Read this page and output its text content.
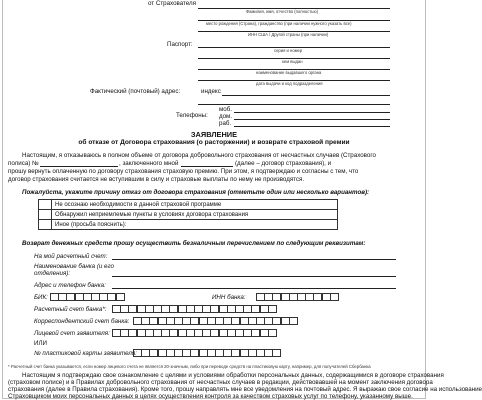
от Страхователя
Фамилия, имя, отчество (полностью)
место рождения (Страна), гражданство (при наличии нужного указать все)
ИНН США / Другой страны (при наличии)
Паспорт:
серия и номер
кем выдан
наименование выдавшего органа
дата выдачи и код подразделения
Фактический (почтовый) адрес:	индекс
Телефоны:
моб.
дом.
раб.
ЗАЯВЛЕНИЕ
об отказе от Договора страхования (о расторжении) и возврате страховой премии
Настоящим, я отказываюсь в полном объеме от договора добровольного страхования от несчастных случаев (Страхового
полиса) №	, заключенного мной	(далее – договор страхования), и
прошу вернуть оплаченную по договору страхования страховую премию. При этом, я подтверждаю и согласны с тем, что
договор страхования считается не вступившим в силу и страховые выплаты по нему не производятся.
Пожалуйста, укажите причину отказ от договора страхования (отметьте один или несколько вариантов):
	Не осознаю необходимости в данной страховой программе
	Обнаружил неприемлемые пункты в условиях договора страхования
	Иное (просьба пояснить):
Возврат денежных средств прошу осуществить безналичным перечислением по следующим реквизитам:
На мой расчетный счет:
Наименование банка (и его отделения):
Адрес и телефон банка:
БИК:	ИНН банка:
Расчетный счет банка*:
Корреспондентский счет банка:
Лицевой счет заявителя:
ИЛИ
№ пластиковой карты заявителя:
* Расчетный счет банка указывается, если номер лицевого счета не является 20-значным, либо при переводе средств на пластиковую карту, например, для получателей Сбербанка
Настоящим я подтверждаю свое ознакомление с целями и условиями обработки персональных данных, содержащимися в договоре страхования
(страховом полисе) и в Правилах добровольного страхования от несчастных случаев в редакции, действовавшей на момент заключения договора
страхования (далее в Правила страхования). Кроме того, прошу направлять мне все уведомления на почтовый адрес. Я выражаю свое согласие на использование
Страховщиком моих персональных данных в целях осуществления контроля за качеством страховых услуг по телефону, указанному выше.
